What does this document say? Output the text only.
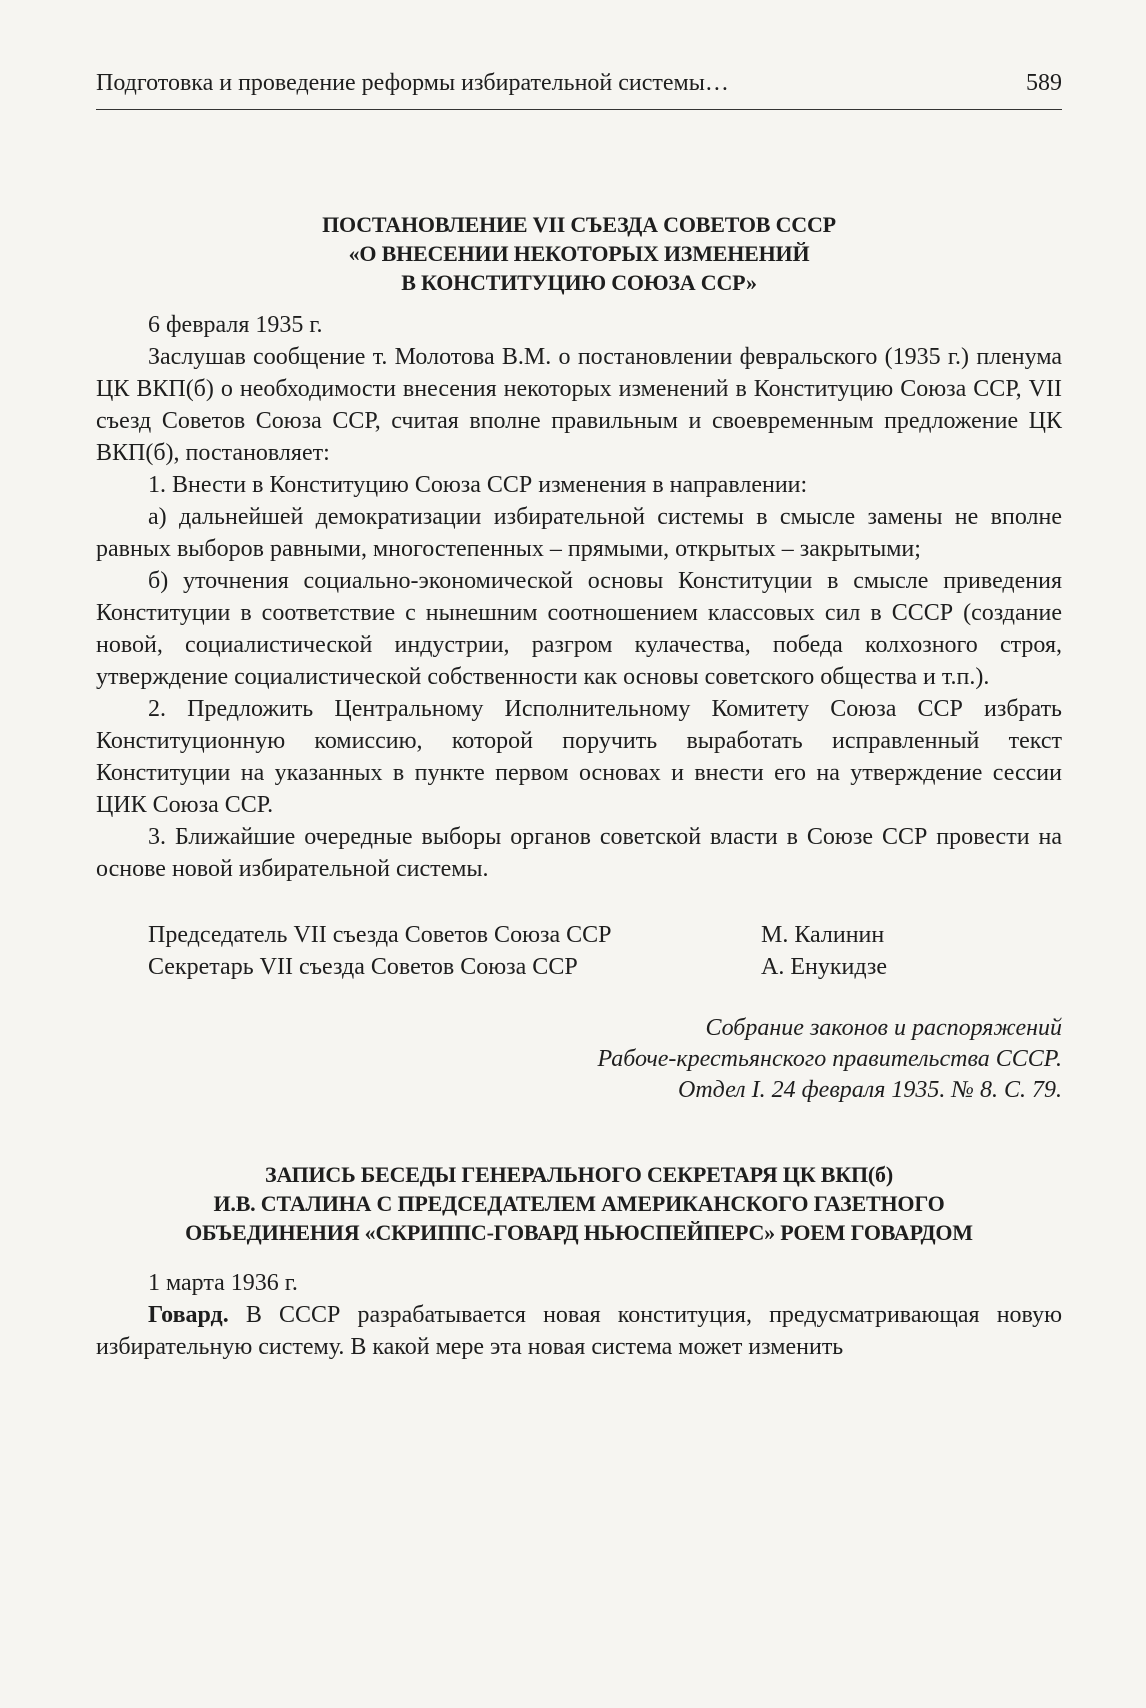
Подготовка и проведение реформы избирательной системы…	589

ПОСТАНОВЛЕНИЕ VII СЪЕЗДА СОВЕТОВ СССР

«О ВНЕСЕНИИ НЕКОТОРЫХ ИЗМЕНЕНИЙ

В КОНСТИТУЦИЮ СОЮЗА ССР»

6 февраля 1935 г.

Заслушав сообщение т. Молотова В.М. о постановлении февральского (1935 г.) пленума ЦК ВКП(б) о необходимости внесения некоторых изменений в Конституцию Союза ССР, VII съезд Советов Союза ССР, считая вполне правильным и своевременным предложение ЦК ВКП(б), постановляет:

1. Внести в Конституцию Союза ССР изменения в направлении:

а) дальнейшей демократизации избирательной системы в смысле замены не вполне равных выборов равными, многостепенных – прямыми, открытых – закрытыми;

б) уточнения социально-экономической основы Конституции в смысле приведения Конституции в соответствие с нынешним соотношением классовых сил в СССР (создание новой, социалистической индустрии, разгром кулачества, победа колхозного строя, утверждение социалистической собственности как основы советского общества и т.п.).

2. Предложить Центральному Исполнительному Комитету Союза ССР избрать Конституционную комиссию, которой поручить выработать исправленный текст Конституции на указанных в пункте первом основах и внести его на утверждение сессии ЦИК Союза ССР.

3. Ближайшие очередные выборы органов советской власти в Союзе ССР провести на основе новой избирательной системы.

Председатель VII съезда Советов Союза ССР	М. Калинин
Секретарь VII съезда Советов Союза ССР	А. Енукидзе
Собрание законов и распоряжений
Рабоче-крестьянского правительства СССР.
Отдел I. 24 февраля 1935. № 8. С. 79.

ЗАПИСЬ БЕСЕДЫ ГЕНЕРАЛЬНОГО СЕКРЕТАРЯ ЦК ВКП(б)

И.В. СТАЛИНА С ПРЕДСЕДАТЕЛЕМ АМЕРИКАНСКОГО ГАЗЕТНОГО

ОБЪЕДИНЕНИЯ «СКРИППС-ГОВАРД НЬЮСПЕЙПЕРС» РОЕМ ГОВАРДОМ

1 марта 1936 г.

Говард. В СССР разрабатывается новая конституция, предусматривающая новую избирательную систему. В какой мере эта новая система может изменить
